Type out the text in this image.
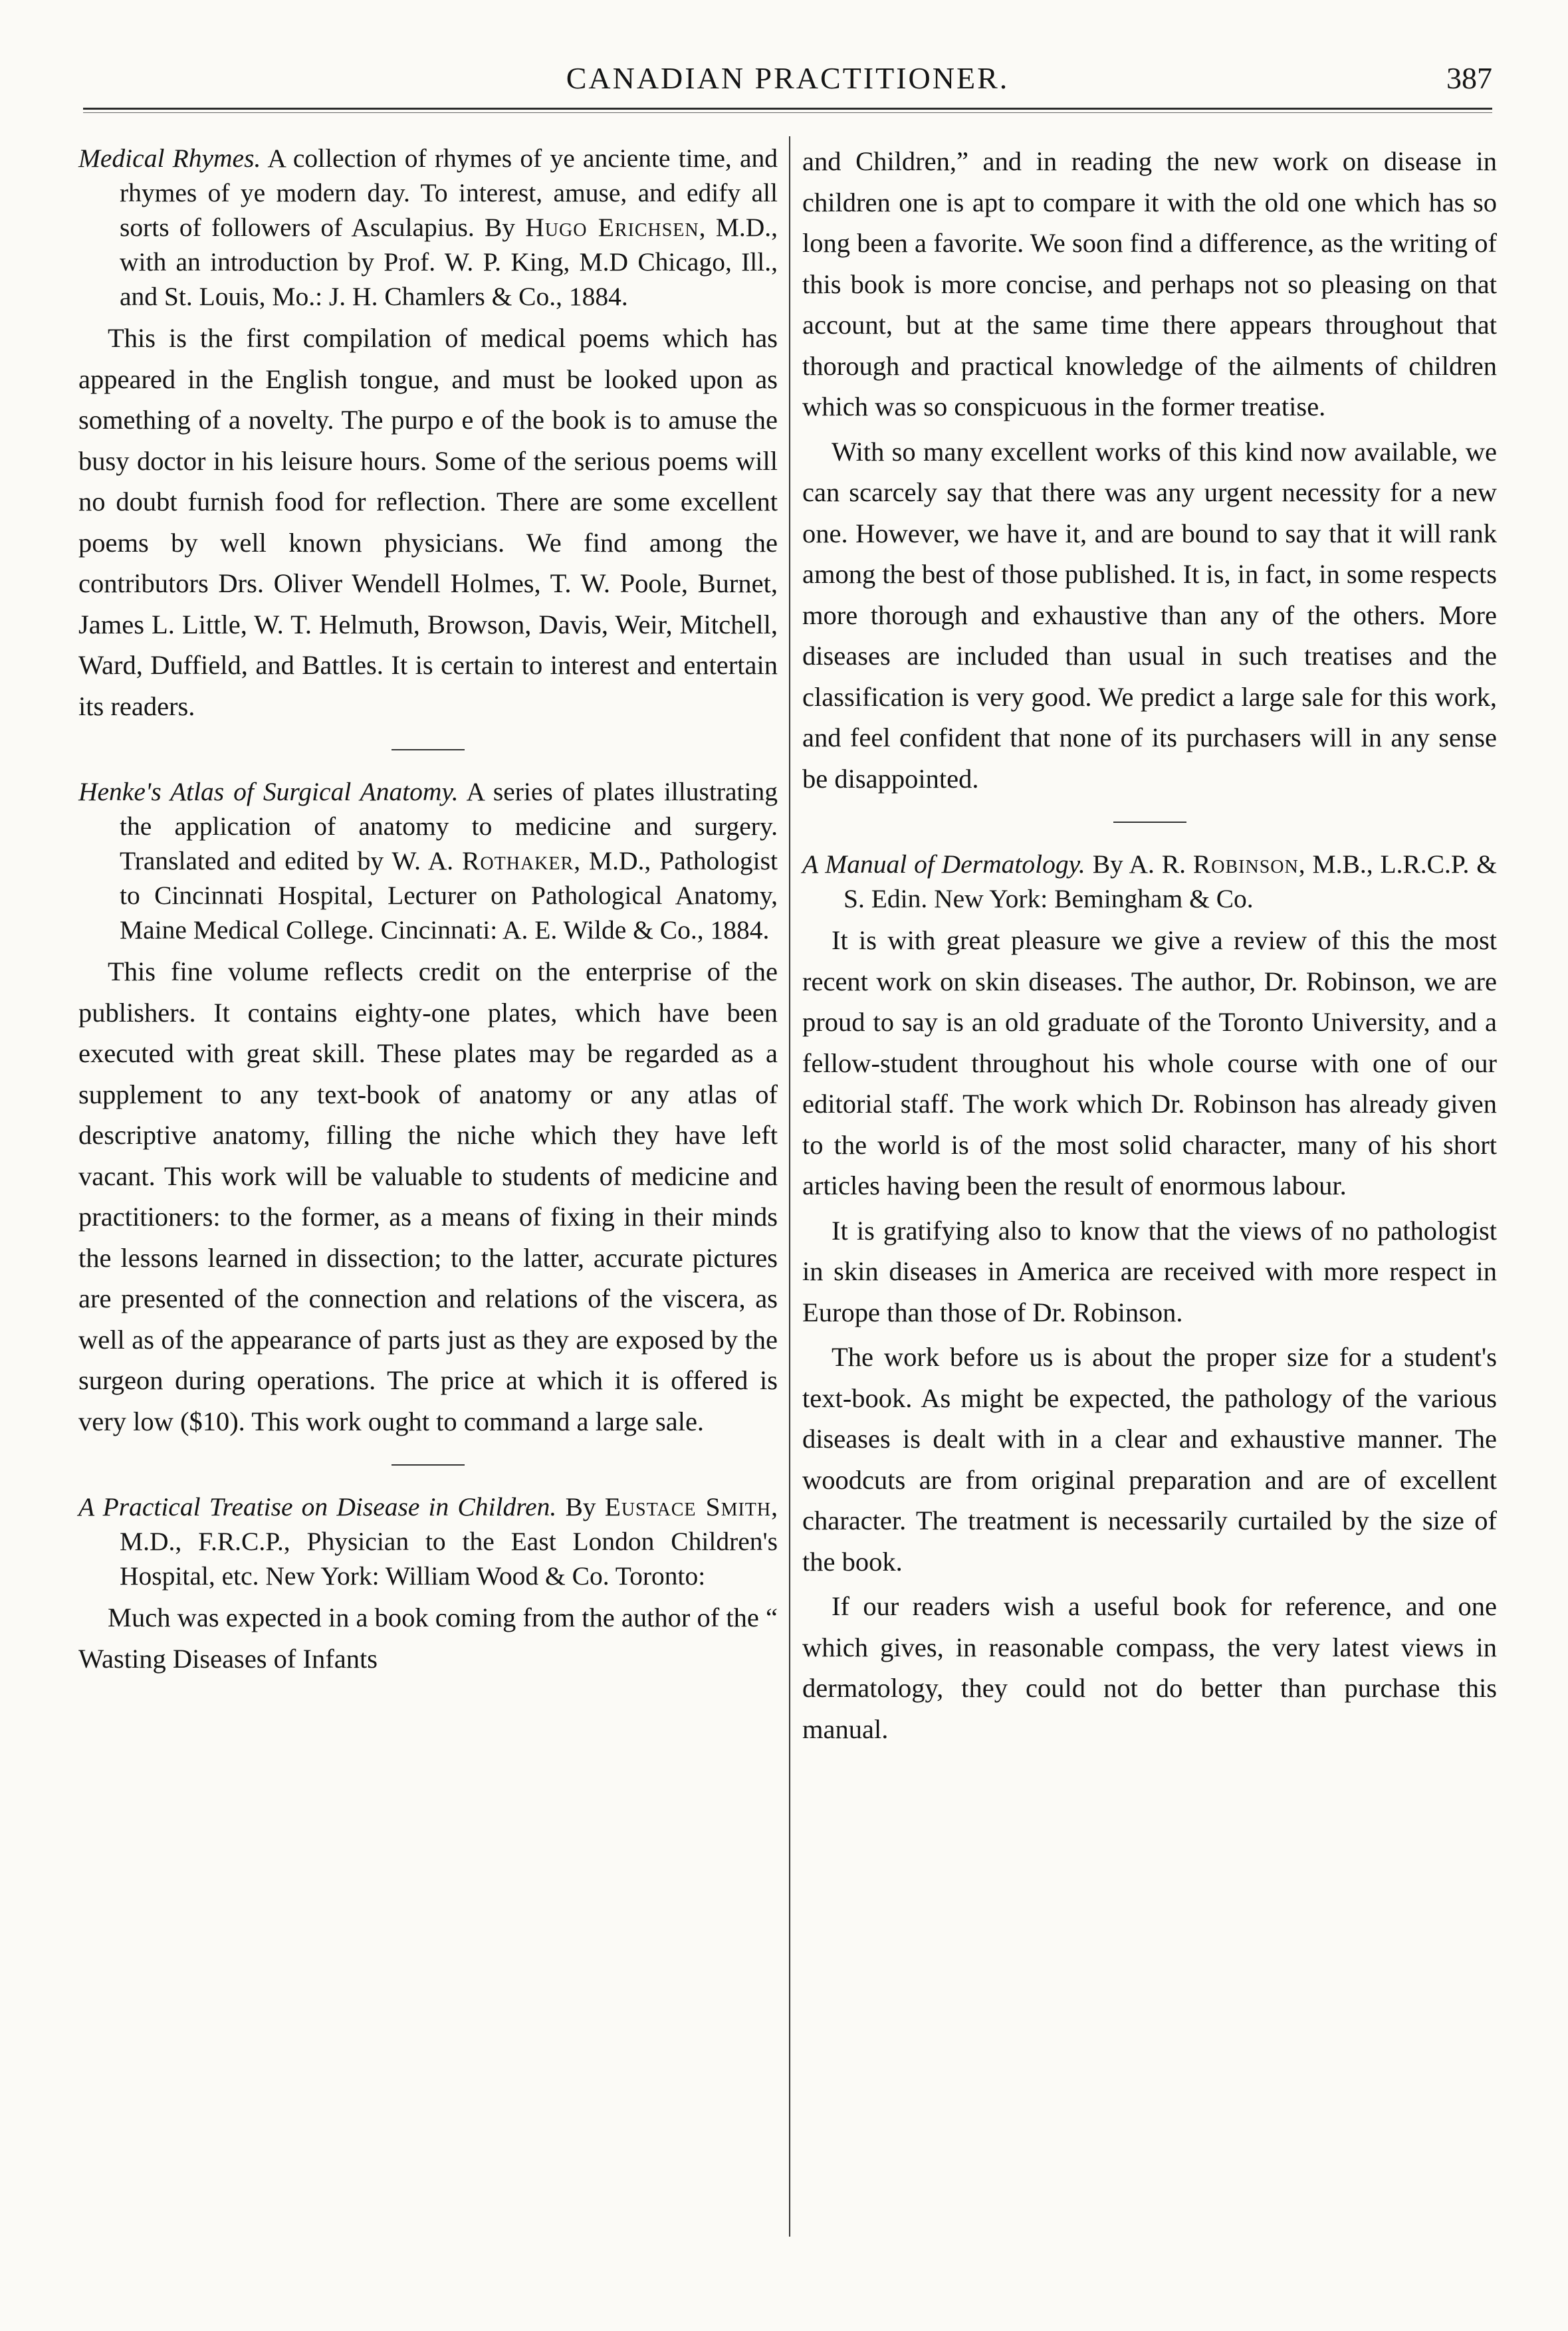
CANADIAN PRACTITIONER.	387

Medical Rhymes. A collection of rhymes of ye anciente time, and rhymes of ye modern day. To interest, amuse, and edify all sorts of followers of Asculapius. By Hugo Erichsen, M.D., with an introduction by Prof. W. P. King, M.D Chicago, Ill., and St. Louis, Mo.: J. H. Chamlers & Co., 1884.

This is the first compilation of medical poems which has appeared in the English tongue, and must be looked upon as something of a novelty. The purpo e of the book is to amuse the busy doctor in his leisure hours. Some of the serious poems will no doubt furnish food for reflection. There are some excellent poems by well known physicians. We find among the contributors Drs. Oliver Wendell Holmes, T. W. Poole, Burnet, James L. Little, W. T. Helmuth, Browson, Davis, Weir, Mitchell, Ward, Duffield, and Battles. It is certain to interest and entertain its readers.

Henke's Atlas of Surgical Anatomy. A series of plates illustrating the application of anatomy to medicine and surgery. Translated and edited by W. A. Rothaker, M.D., Pathologist to Cincinnati Hospital, Lecturer on Pathological Anatomy, Maine Medical College. Cincinnati: A. E. Wilde & Co., 1884.

This fine volume reflects credit on the enterprise of the publishers. It contains eighty-one plates, which have been executed with great skill. These plates may be regarded as a supplement to any text-book of anatomy or any atlas of descriptive anatomy, filling the niche which they have left vacant. This work will be valuable to students of medicine and practitioners: to the former, as a means of fixing in their minds the lessons learned in dissection; to the latter, accurate pictures are presented of the connection and relations of the viscera, as well as of the appearance of parts just as they are exposed by the surgeon during operations. The price at which it is offered is very low ($10). This work ought to command a large sale.

A Practical Treatise on Disease in Children. By Eustace Smith, M.D., F.R.C.P., Physician to the East London Children's Hospital, etc. New York: William Wood & Co. Toronto:

Much was expected in a book coming from the author of the “ Wasting Diseases of Infants

and Children,” and in reading the new work on disease in children one is apt to compare it with the old one which has so long been a favorite. We soon find a difference, as the writing of this book is more concise, and perhaps not so pleasing on that account, but at the same time there appears throughout that thorough and practical knowledge of the ailments of children which was so conspicuous in the former treatise.

With so many excellent works of this kind now available, we can scarcely say that there was any urgent necessity for a new one. However, we have it, and are bound to say that it will rank among the best of those published. It is, in fact, in some respects more thorough and exhaustive than any of the others. More diseases are included than usual in such treatises and the classification is very good. We predict a large sale for this work, and feel confident that none of its purchasers will in any sense be disappointed.

A Manual of Dermatology. By A. R. Robinson, M.B., L.R.C.P. & S. Edin. New York: Bemingham & Co.

It is with great pleasure we give a review of this the most recent work on skin diseases. The author, Dr. Robinson, we are proud to say is an old graduate of the Toronto University, and a fellow-student throughout his whole course with one of our editorial staff. The work which Dr. Robinson has already given to the world is of the most solid character, many of his short articles having been the result of enormous labour.

It is gratifying also to know that the views of no pathologist in skin diseases in America are received with more respect in Europe than those of Dr. Robinson.

The work before us is about the proper size for a student's text-book. As might be expected, the pathology of the various diseases is dealt with in a clear and exhaustive manner. The woodcuts are from original preparation and are of excellent character. The treatment is necessarily curtailed by the size of the book.

If our readers wish a useful book for reference, and one which gives, in reasonable compass, the very latest views in dermatology, they could not do better than purchase this manual.
